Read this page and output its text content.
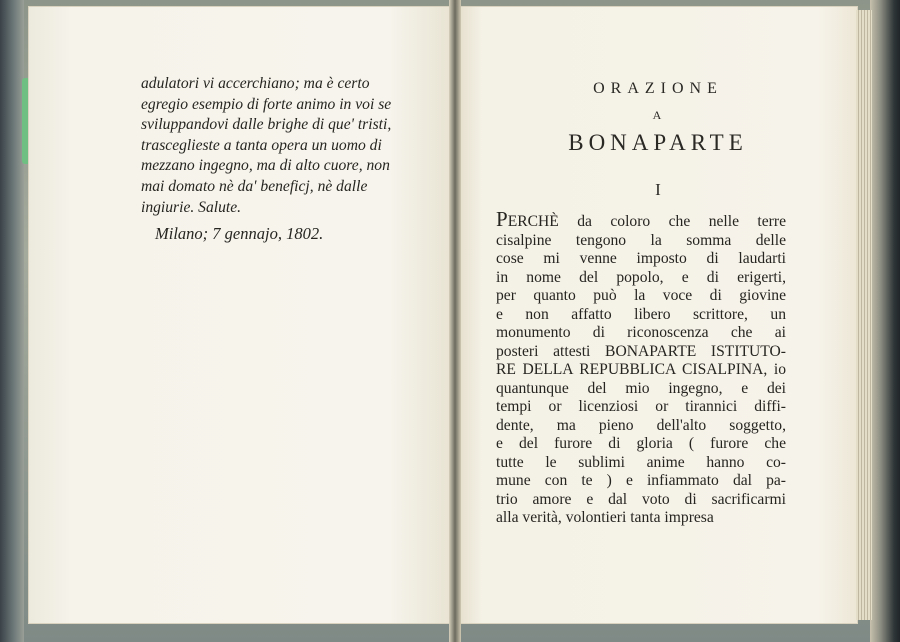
adulatori vi accerchiano; ma è certo
egregio esempio di forte animo in voi se
sviluppandovi dalle brighe di que' tristi,
trasceglieste a tanta opera un uomo di
mezzano ingegno, ma di alto cuore, non
mai domato nè da' beneficj, nè dalle
ingiurie. Salute.
Milano; 7 gennajo, 1802.
ORAZIONE
A
BONAPARTE
I
PERCHÈ da coloro che nelle terre
cisalpine tengono la somma delle
cose mi venne imposto di laudarti
in nome del popolo, e di erigerti,
per quanto può la voce di giovine
e non affatto libero scrittore, un
monumento di riconoscenza che ai
posteri attesti BONAPARTE ISTITUTO-
RE DELLA REPUBBLICA CISALPINA, io
quantunque del mio ingegno, e dei
tempi or licenziosi or tirannici diffi-
dente, ma pieno dell'alto soggetto,
e del furore di gloria ( furore che
tutte le sublimi anime hanno co-
mune con te ) e infiammato dal pa-
trio amore e dal voto di sacrificarmi
alla verità, volontieri tanta impresa
